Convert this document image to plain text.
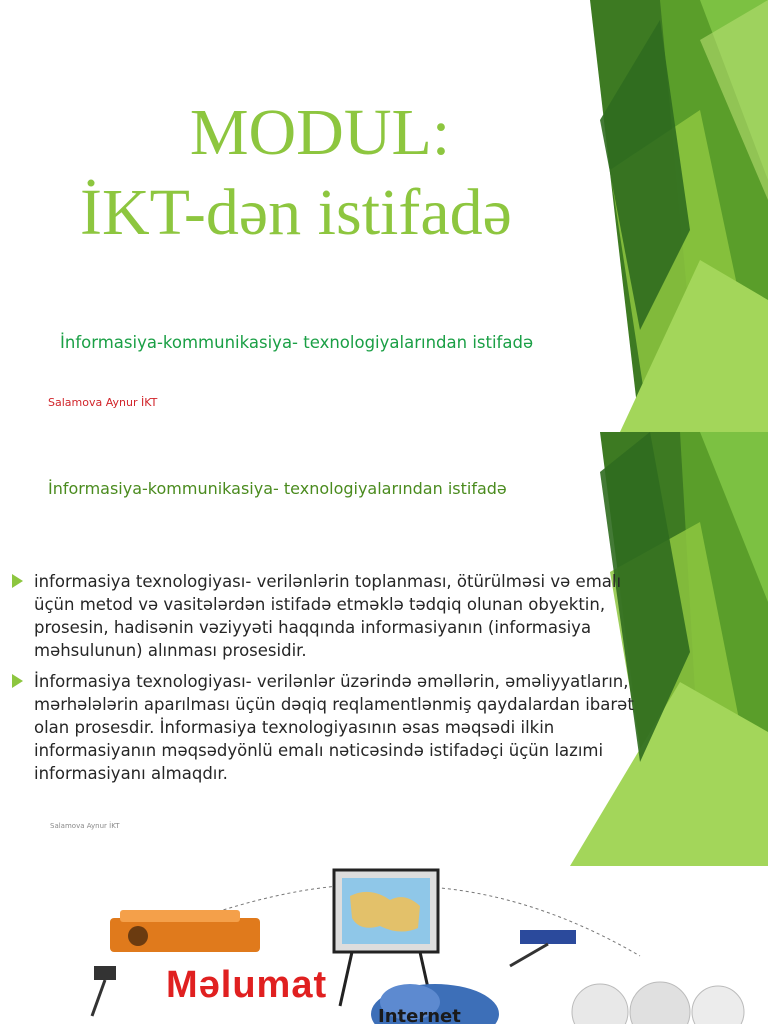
MODUL:
İKT-dən istifadə
İnformasiya-kommunikasiya- texnologiyalarından istifadə
Salamova Aynur İKT
İnformasiya-kommunikasiya- texnologiyalarından istifadə
informasiya texnologiyası- verilənlərin toplanması, ötürülməsi və emalı üçün metod və vasitələrdən istifadə etməklə tədqiq olunan obyektin, prosesin, hadisənin vəziyyəti haqqında informasiyanın (informasiya məhsulunun) alınması prosesidir.
İnformasiya texnologiyası- verilənlər üzərində əməllərin, əməliyyatların, mərhələlərin aparılması üçün dəqiq reqlamentlənmiş qaydalardan ibarət olan prosesdir. İnformasiya texnologiyasının əsas məqsədi ilkin informasiyanın məqsədyönlü emalı nəticəsində istifadəçi üçün lazımi informasiyanı almaqdır.
Salamova Aynur İKT
Məlumat
Internet
